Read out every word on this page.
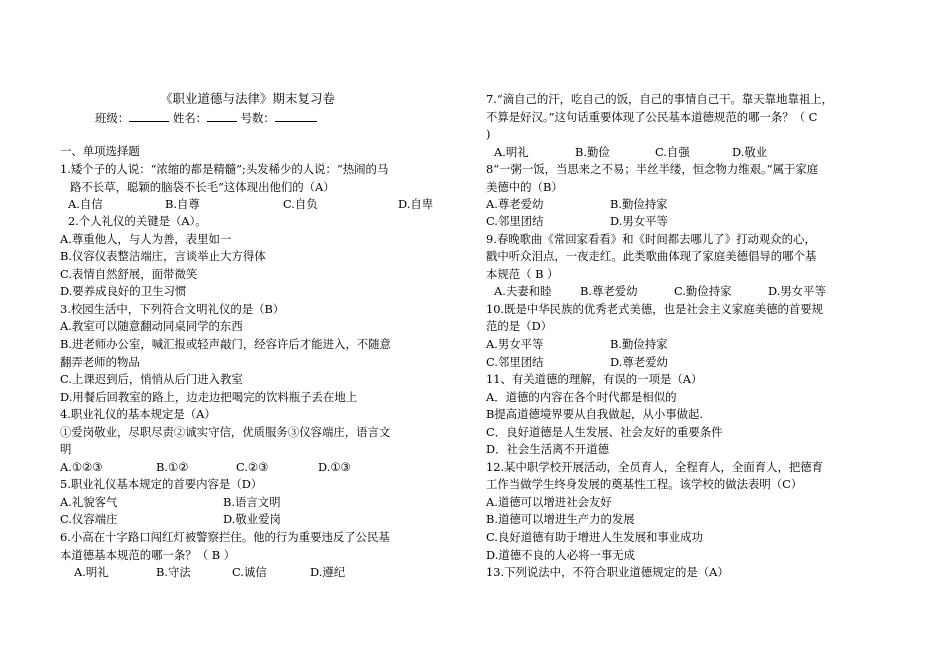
《职业道德与法律》期末复习卷
班级：	姓名：	号数：
一、单项选择题
1.矮个子的人说：“浓缩的都是精髓”;头发稀少的人说：“热闹的马
路不长草，聪颖的脑袋不长毛”这体现出他们的（A）
A.自信	B.自尊	C.自负	D.自卑
2.个人礼仪的关键是（A）。
A.尊重他人，与人为善，表里如一
B.仪容仪表整洁端庄，言谈举止大方得体
C.表情自然舒展，面带微笑
D.要养成良好的卫生习惯
3.校园生活中，下列符合文明礼仪的是（B）
A.教室可以随意翻动同桌同学的东西
B.进老师办公室，喊汇报或轻声敲门，经容许后才能进入，不随意
翻弄老师的物品
C.上课迟到后，悄悄从后门进入教室
D.用餐后回教室的路上，边走边把喝完的饮料瓶子丢在地上
4.职业礼仪的基本规定是（A）
①爱岗敬业，尽职尽责②诚实守信，优质服务③仪容端庄，语言文
明
A.①②③	B.①②	C.②③	D.①③
5.职业礼仪基本规定的首要内容是（D）
A.礼貌客气	B.语言文明
C.仪容端庄	D.敬业爱岗
6.小高在十字路口闯红灯被警察拦住。他的行为重要违反了公民基
本道德基本规范的哪一条？（ B ）
A.明礼	B.守法	C.诚信	D.遵纪
7.“滴自己的汗，吃自己的饭，自己的事情自己干。靠天靠地靠祖上，
不算是好汉。”这句话重要体现了公民基本道德规范的哪一条？（ C
)
A.明礼	B.勤俭	C.自强	D.敬业
8“一粥一饭，当思来之不易；半丝半缕，恒念物力维艰。”属于家庭
美德中的（B）
A.尊老爱幼	B.勤俭持家
C.邻里团结	D.男女平等
9.春晚歌曲《常回家看看》和《时间都去哪儿了》打动观众的心，
戳中听众泪点，一夜走红。此类歌曲体现了家庭美德倡导的哪个基
本规范（ B ）
A.夫妻和睦	B.尊老爱幼	C.勤俭持家	D.男女平等
10.既是中华民族的优秀老式美德，也是社会主义家庭美德的首要规
范的是（D）
A.男女平等	B.勤俭持家
C.邻里团结	D.尊老爱幼
11、有关道德的理解，有误的一项是（A）
A．道德的内容在各个时代都是相似的
B提高道德境界要从自我做起，从小事做起.
C．良好道德是人生发展、社会友好的重要条件
D．社会生活离不开道德
12.某中职学校开展活动，全员育人，全程育人，全面育人，把德育
工作当做学生终身发展的奠基性工程。该学校的做法表明（C）
A.道德可以增进社会友好
B.道德可以增进生产力的发展
C.良好道德有助于增进人生发展和事业成功
D.道德不良的人必将一事无成
13.下列说法中，不符合职业道德规定的是（A）
